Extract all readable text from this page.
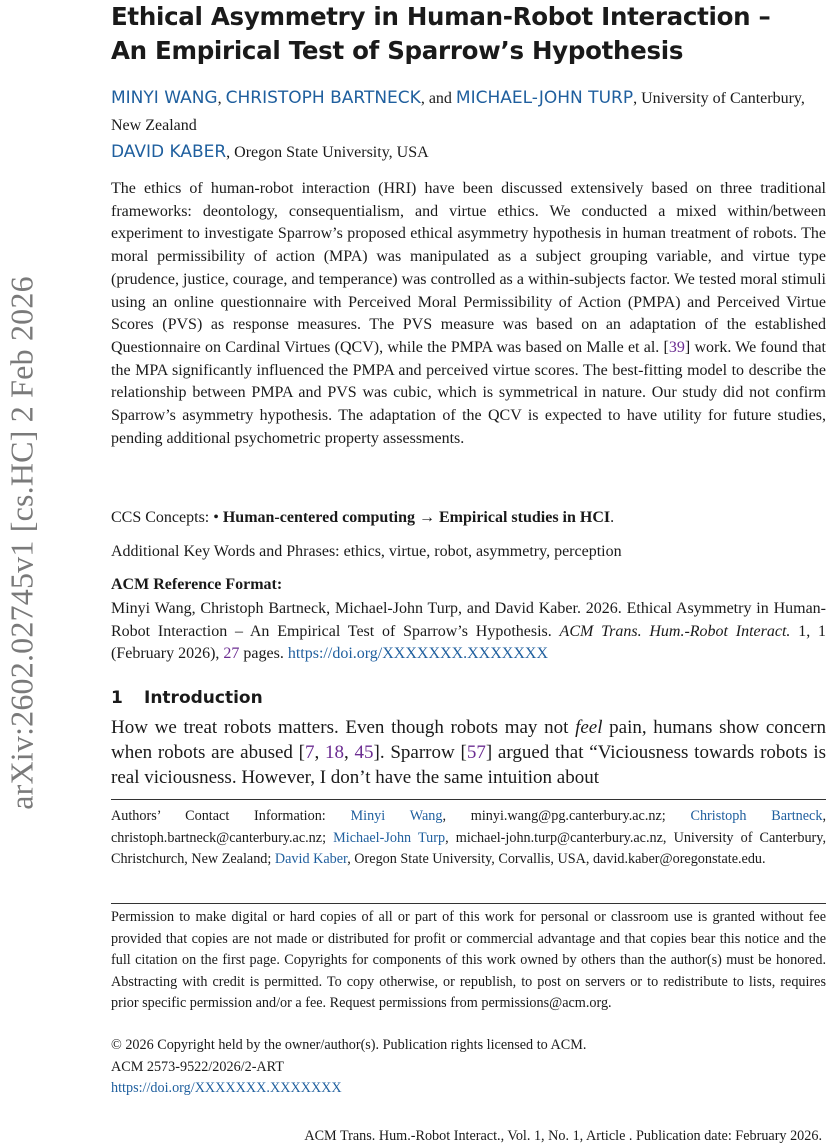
arXiv:2602.02745v1 [cs.HC] 2 Feb 2026
Ethical Asymmetry in Human-Robot Interaction –
An Empirical Test of Sparrow’s Hypothesis
MINYI WANG, CHRISTOPH BARTNECK, and MICHAEL-JOHN TURP, University of Canterbury, New Zealand
DAVID KABER, Oregon State University, USA
The ethics of human-robot interaction (HRI) have been discussed extensively based on three traditional frameworks: deontology, consequentialism, and virtue ethics. We conducted a mixed within/between experiment to investigate Sparrow’s proposed ethical asymmetry hypothesis in human treatment of robots. The moral permissibility of action (MPA) was manipulated as a subject grouping variable, and virtue type (prudence, justice, courage, and temperance) was controlled as a within-subjects factor. We tested moral stimuli using an online questionnaire with Perceived Moral Permissibility of Action (PMPA) and Perceived Virtue Scores (PVS) as response measures. The PVS measure was based on an adaptation of the established Questionnaire on Cardinal Virtues (QCV), while the PMPA was based on Malle et al. [39] work. We found that the MPA significantly influenced the PMPA and perceived virtue scores. The best-fitting model to describe the relationship between PMPA and PVS was cubic, which is symmetrical in nature. Our study did not confirm Sparrow’s asymmetry hypothesis. The adaptation of the QCV is expected to have utility for future studies, pending additional psychometric property assessments.
CCS Concepts: • Human-centered computing → Empirical studies in HCI.
Additional Key Words and Phrases: ethics, virtue, robot, asymmetry, perception
ACM Reference Format:
Minyi Wang, Christoph Bartneck, Michael-John Turp, and David Kaber. 2026. Ethical Asymmetry in Human-Robot Interaction – An Empirical Test of Sparrow’s Hypothesis. ACM Trans. Hum.-Robot Interact. 1, 1 (February 2026), 27 pages. https://doi.org/XXXXXXX.XXXXXXX
1 Introduction
How we treat robots matters. Even though robots may not feel pain, humans show concern when robots are abused [7, 18, 45]. Sparrow [57] argued that “Viciousness towards robots is real viciousness. However, I don’t have the same intuition about
Authors’ Contact Information: Minyi Wang, minyi.wang@pg.canterbury.ac.nz; Christoph Bartneck, christoph.bartneck@canterbury.ac.nz; Michael-John Turp, michael-john.turp@canterbury.ac.nz, University of Canterbury, Christchurch, New Zealand; David Kaber, Oregon State University, Corvallis, USA, david.kaber@oregonstate.edu.
Permission to make digital or hard copies of all or part of this work for personal or classroom use is granted without fee provided that copies are not made or distributed for profit or commercial advantage and that copies bear this notice and the full citation on the first page. Copyrights for components of this work owned by others than the author(s) must be honored. Abstracting with credit is permitted. To copy otherwise, or republish, to post on servers or to redistribute to lists, requires prior specific permission and/or a fee. Request permissions from permissions@acm.org.
© 2026 Copyright held by the owner/author(s). Publication rights licensed to ACM.
ACM 2573-9522/2026/2-ART
https://doi.org/XXXXXXX.XXXXXXX
ACM Trans. Hum.-Robot Interact., Vol. 1, No. 1, Article . Publication date: February 2026.
